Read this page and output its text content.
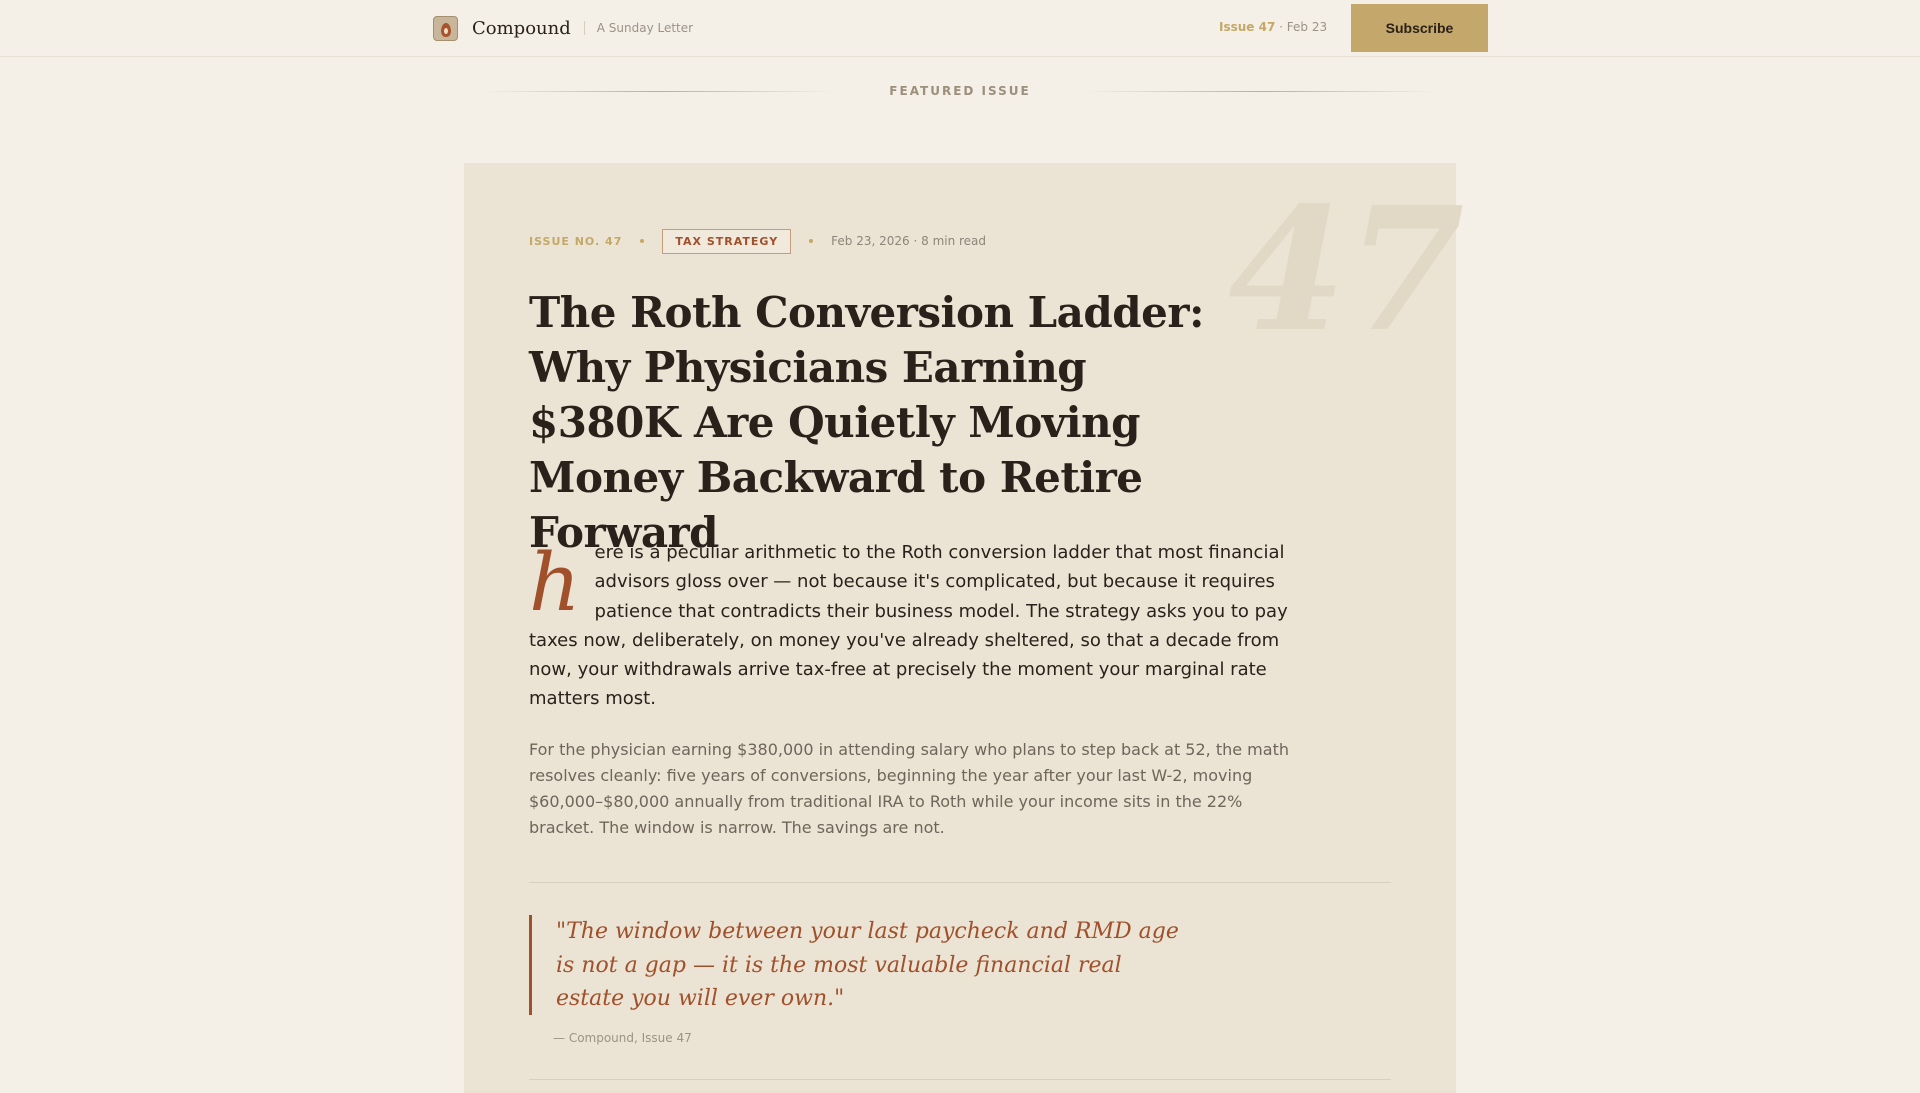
Compound A Sunday Letter	Issue 47 · Feb 23	Subscribe
FEATURED ISSUE
47
ISSUE NO. 47	TAX STRATEGY	Feb 23, 2026 · 8 min read
The Roth Conversion Ladder: Why Physicians Earning $380K Are Quietly Moving Money Backward to Retire Forward
here is a peculiar arithmetic to the Roth conversion ladder that most financial advisors gloss over — not because it's complicated, but because it requires patience that contradicts their business model. The strategy asks you to pay taxes now, deliberately, on money you've already sheltered, so that a decade from now, your withdrawals arrive tax-free at precisely the moment your marginal rate matters most.

For the physician earning $380,000 in attending salary who plans to step back at 52, the math resolves cleanly: five years of conversions, beginning the year after your last W-2, moving $60,000–$80,000 annually from traditional IRA to Roth while your income sits in the 22% bracket. The window is narrow. The savings are not.

"The window between your last paycheck and RMD age is not a gap — it is the most valuable financial real estate you will ever own."
— Compound, Issue 47
